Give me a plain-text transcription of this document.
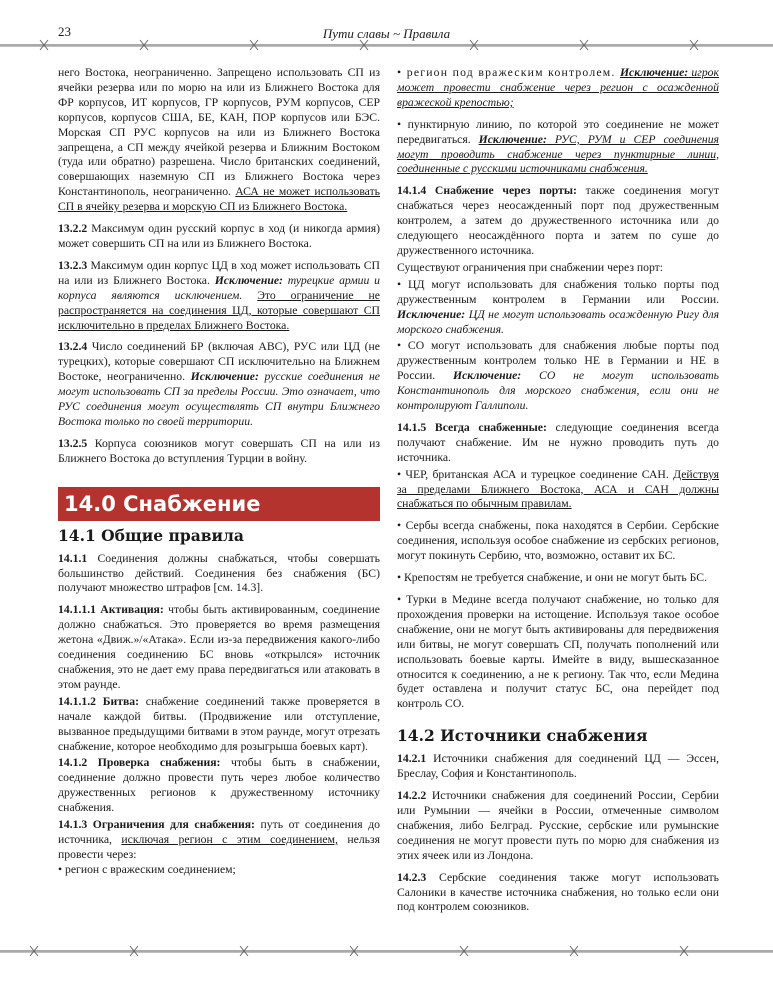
23	Пути славы ~ Правила

него Востока, неограниченно. Запрещено использовать СП из ячейки резерва или по морю на или из Ближнего Востока для ФР корпусов, ИТ корпусов, ГР корпусов, РУМ корпусов, СЕР корпусов, корпусов США, БЕ, КАН, ПОР корпусов или БЭС. Морская СП РУС корпусов на или из Ближнего Востока запрещена, а СП между ячейкой резерва и Ближним Востоком (туда или обратно) разрешена. Число британских соединений, совершающих наземную СП из Ближнего Востока через Константинополь, неограниченно. АСА не может использовать СП в ячейку резерва и морскую СП из Ближнего Востока.

13.2.2 Максимум один русский корпус в ход (и никогда армия) может совершить СП на или из Ближнего Востока.

13.2.3 Максимум один корпус ЦД в ход может использовать СП на или из Ближнего Востока. Исключение: турецкие армии и корпуса являются исключением. Это ограничение не распространяется на соединения ЦД, которые совершают СП исключительно в пределах Ближнего Востока.

13.2.4 Число соединений БР (включая АВС), РУС или ЦД (не турецких), которые совершают СП исключительно на Ближнем Востоке, неограниченно. Исключение: русские соединения не могут использовать СП за пределы России. Это означает, что РУС соединения могут осуществлять СП внутри Ближнего Востока только по своей территории.

13.2.5 Корпуса союзников могут совершать СП на или из Ближнего Востока до вступления Турции в войну.

14.0 Снабжение
14.1 Общие правила

14.1.1 Соединения должны снабжаться, чтобы совершать большинство действий. Соединения без снабжения (БС) получают множество штрафов [см. 14.3].

14.1.1.1 Активация: чтобы быть активированным, соединение должно снабжаться. Это проверяется во время размещения жетона «Движ.»/«Атака». Если из-за передвижения какого-либо соединения соединению БС вновь «открылся» источник снабжения, это не дает ему права передвигаться или атаковать в этом раунде.

14.1.1.2 Битва: снабжение соединений также проверяется в начале каждой битвы. (Продвижение или отступление, вызванное предыдущими битвами в этом раунде, могут отрезать снабжение, которое необходимо для розыгрыша боевых карт).

14.1.2 Проверка снабжения: чтобы быть в снабжении, соединение должно провести путь через любое количество дружественных регионов к дружественному источнику снабжения.

14.1.3 Ограничения для снабжения: путь от соединения до источника, исключая регион с этим соединением, нельзя провести через:

• регион с вражеским соединением;

• регион под вражеским контролем. Исключение: игрок может провести снабжение через регион с осажденной вражеской крепостью;

• пунктирную линию, по которой это соединение не может передвигаться. Исключение: РУС, РУМ и СЕР соединения могут проводить снабжение через пунктирные линии, соединенные с русскими источниками снабжения.

14.1.4 Снабжение через порты: также соединения могут снабжаться через неосажденный порт под дружественным контролем, а затем до дружественного источника или до следующего неосаждённого порта и затем по суше до дружественного источника.

Существуют ограничения при снабжении через порт:

• ЦД могут использовать для снабжения только порты под дружественным контролем в Германии или России. Исключение: ЦД не могут использовать осажденную Ригу для морского снабжения.

• СО могут использовать для снабжения любые порты под дружественным контролем только НЕ в Германии и НЕ в России. Исключение: СО не могут использовать Константинополь для морского снабжения, если они не контролируют Галлиполи.

14.1.5 Всегда снабженные: следующие соединения всегда получают снабжение. Им не нужно проводить путь до источника.

• ЧЕР, британская АСА и турецкое соединение САН. Действуя за пределами Ближнего Востока, АСА и САН должны снабжаться по обычным правилам.

• Сербы всегда снабжены, пока находятся в Сербии. Сербские соединения, используя особое снабжение из сербских регионов, могут покинуть Сербию, что, возможно, оставит их БС.

• Крепостям не требуется снабжение, и они не могут быть БС.

• Турки в Медине всегда получают снабжение, но только для прохождения проверки на истощение. Используя такое особое снабжение, они не могут быть активированы для передвижения или битвы, не могут совершать СП, получать пополнений или использовать боевые карты. Имейте в виду, вышесказанное относится к соединению, а не к региону. Так что, если Медина будет оставлена и получит статус БС, она перейдет под контроль СО.

14.2 Источники снабжения

14.2.1 Источники снабжения для соединений ЦД — Эссен, Бреслау, София и Константинополь.

14.2.2 Источники снабжения для соединений России, Сербии или Румынии — ячейки в России, отмеченные символом снабжения, либо Белград. Русские, сербские или румынские соединения не могут провести путь по морю для снабжения из этих ячеек или из Лондона.

14.2.3 Сербские соединения также могут использовать Салоники в качестве источника снабжения, но только если они под контролем союзников.
